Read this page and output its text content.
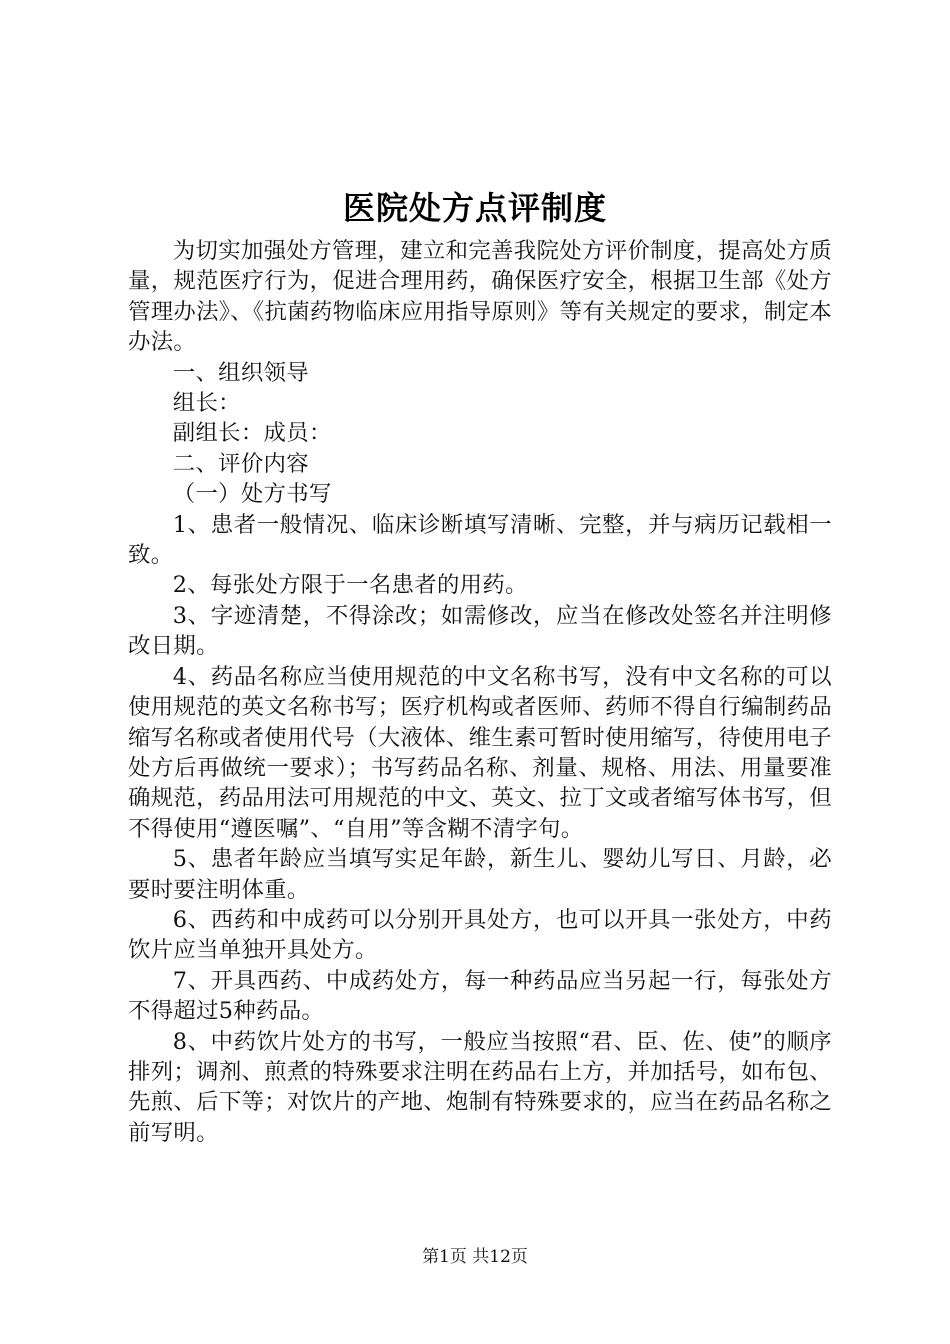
医院处方点评制度

为切实加强处方管理，建立和完善我院处方评价制度，提高处方质量，规范医疗行为，促进合理用药，确保医疗安全，根据卫生部《处方管理办法》、《抗菌药物临床应用指导原则》等有关规定的要求，制定本办法。

一、组织领导

组长：

副组长：成员：

二、评价内容

（一）处方书写

1、患者一般情况、临床诊断填写清晰、完整，并与病历记载相一致。

2、每张处方限于一名患者的用药。

3、字迹清楚，不得涂改；如需修改，应当在修改处签名并注明修改日期。

4、药品名称应当使用规范的中文名称书写，没有中文名称的可以使用规范的英文名称书写；医疗机构或者医师、药师不得自行编制药品缩写名称或者使用代号（大液体、维生素可暂时使用缩写，待使用电子处方后再做统一要求）；书写药品名称、剂量、规格、用法、用量要准确规范，药品用法可用规范的中文、英文、拉丁文或者缩写体书写，但不得使用“遵医嘱”、“自用”等含糊不清字句。

5、患者年龄应当填写实足年龄，新生儿、婴幼儿写日、月龄，必要时要注明体重。

6、西药和中成药可以分别开具处方，也可以开具一张处方，中药饮片应当单独开具处方。

7、开具西药、中成药处方，每一种药品应当另起一行，每张处方不得超过5种药品。

8、中药饮片处方的书写，一般应当按照“君、臣、佐、使”的顺序排列；调剂、煎煮的特殊要求注明在药品右上方，并加括号，如布包、先煎、后下等；对饮片的产地、炮制有特殊要求的，应当在药品名称之前写明。

第1页 共12页
